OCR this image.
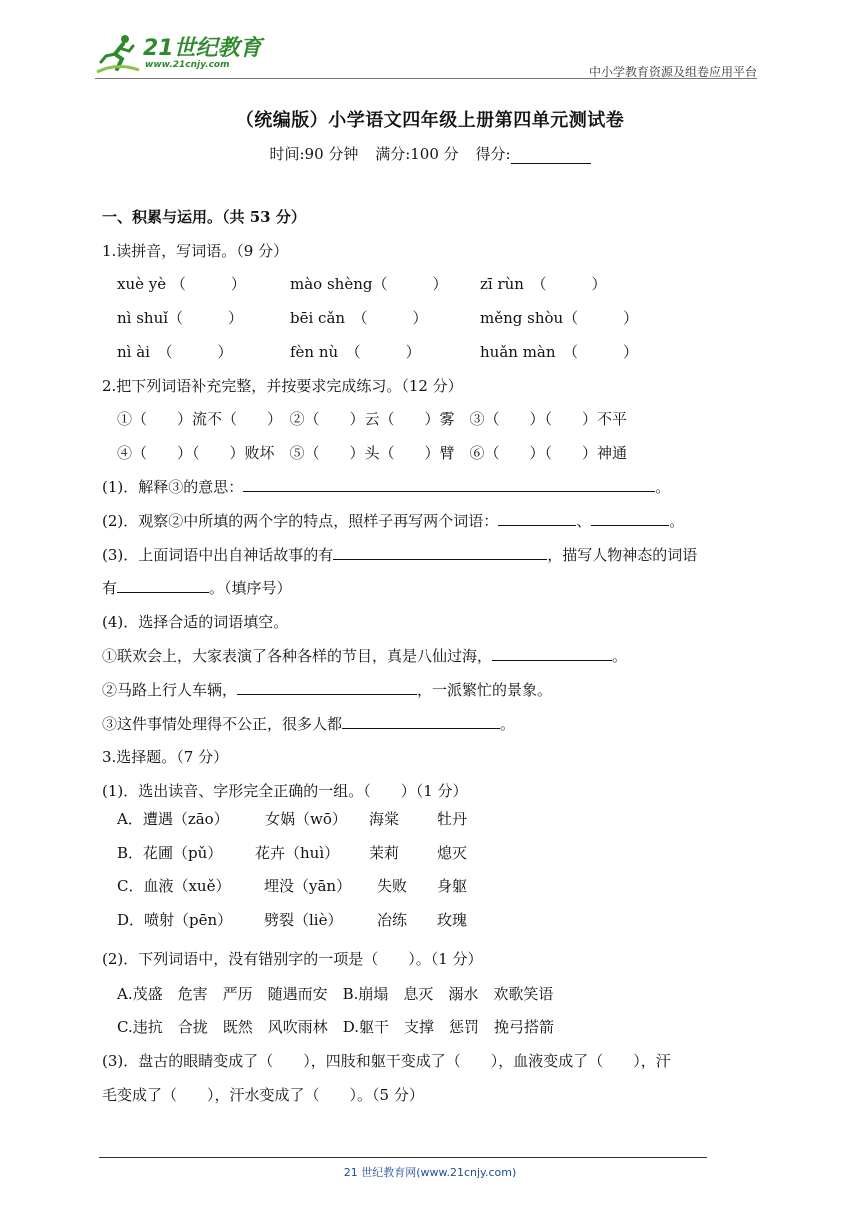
21世纪教育
www.21cnjy.com
中小学教育资源及组卷应用平台
（统编版）小学语文四年级上册第四单元测试卷
时间:90 分钟 满分:100 分 得分:
一、积累与运用。（共 53 分）
1.读拼音，写词语。（9 分）
xuè yè （　　　）	mào shèng（　　　） zī rùn　（　　　）
nì shuǐ（　　　）	bēi cǎn　（　　　）	měng shòu（　　　）
nì ài　（　　　）	fèn nù　（　　　）	huǎn màn　（　　　）
2.把下列词语补充完整，并按要求完成练习。（12 分）
①（　　）流不（　　）　②（　　）云（　　）雾　③（　　）（　　）不平
④（　　）（　　）败坏　⑤（　　）头（　　）臂　⑥（　　）（　　）神通
(1)．解释③的意思：	。
(2)．观察②中所填的两个字的特点，照样子再写两个词语：	、	。
(3)．上面词语中出自神话故事的有	，描写人物神态的词语
有	。（填序号）
(4)．选择合适的词语填空。
①联欢会上，大家表演了各种各样的节目，真是八仙过海，	。
②马路上行人车辆，	，一派繁忙的景象。
③这件事情处理得不公正，很多人都	。
3.选择题。（7 分）
(1)．选出读音、字形完全正确的一组。（　　）（1 分）
A．遭遇（zāo） 女娲（wō） 海棠	牡丹
B．花圃（pǔ） 花卉（huì） 茉莉	熄灭
C．血液（xuě） 埋没（yān） 失败 身躯
D．喷射（pēn） 劈裂（liè） 冶练 玫瑰
(2)．下列词语中，没有错别字的一项是（　　）。（1 分）
A.茂盛　危害　严历　随遇而安　B.崩塌　息灭　溺水　欢歌笑语
C.违抗　合拢　既然　风吹雨林　D.躯干　支撑　惩罚　挽弓搭箭
(3)．盘古的眼睛变成了（　　），四肢和躯干变成了（　　），血液变成了（　　），汗
毛变成了（　　），汗水变成了（　　）。（5 分）
21 世纪教育网(www.21cnjy.com)
